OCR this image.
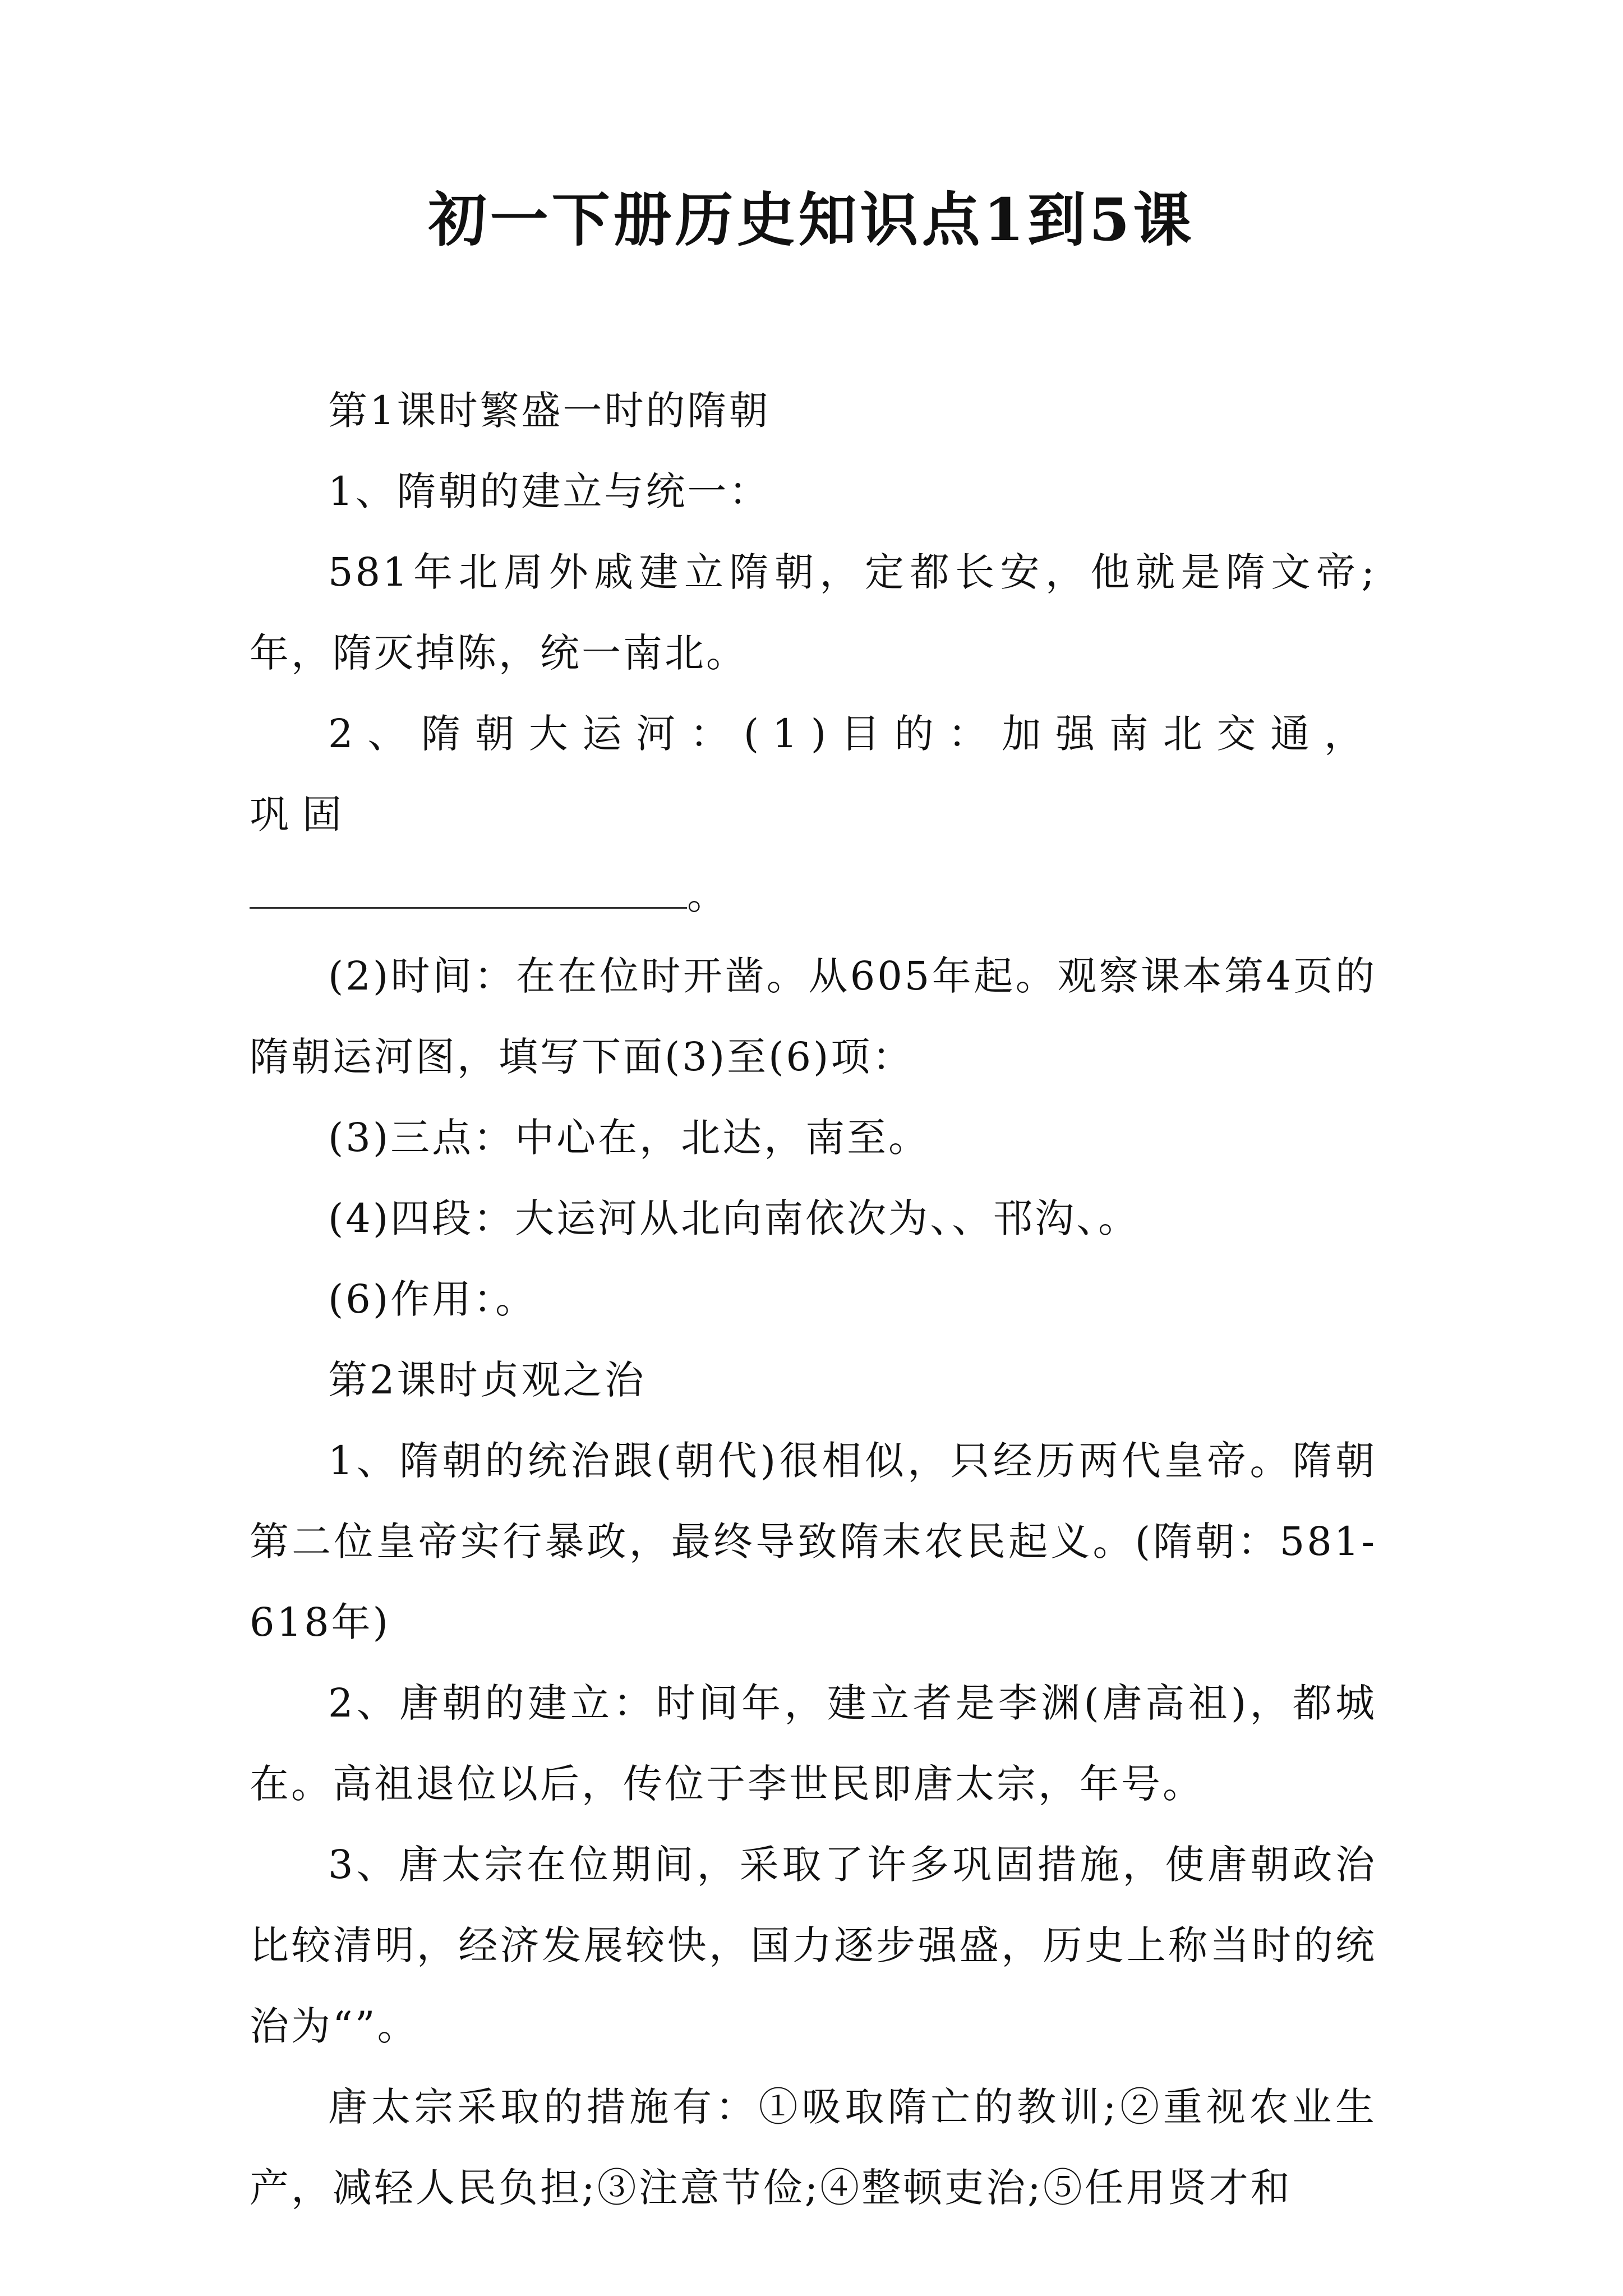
初一下册历史知识点1到5课

第1课时繁盛一时的隋朝

1、隋朝的建立与统一：

581年北周外戚建立隋朝，定都长安，他就是隋文帝;年，隋灭掉陈，统一南北。

2、隋朝大运河：(1)目的：加强南北交通，巩固

。

(2)时间：在在位时开凿。从605年起。观察课本第4页的隋朝运河图，填写下面(3)至(6)项：

(3)三点：中心在，北达，南至。

(4)四段：大运河从北向南依次为、、邗沟、。

(6)作用：。

第2课时贞观之治

1、隋朝的统治跟(朝代)很相似，只经历两代皇帝。隋朝第二位皇帝实行暴政，最终导致隋末农民起义。(隋朝：581-618年)

2、唐朝的建立：时间年，建立者是李渊(唐高祖)，都城在。高祖退位以后，传位于李世民即唐太宗，年号。

3、唐太宗在位期间，采取了许多巩固措施，使唐朝政治比较清明，经济发展较快，国力逐步强盛，历史上称当时的统治为“”。

唐太宗采取的措施有：①吸取隋亡的教训;②重视农业生产，减轻人民负担;③注意节俭;④整顿吏治;⑤任用贤才和
